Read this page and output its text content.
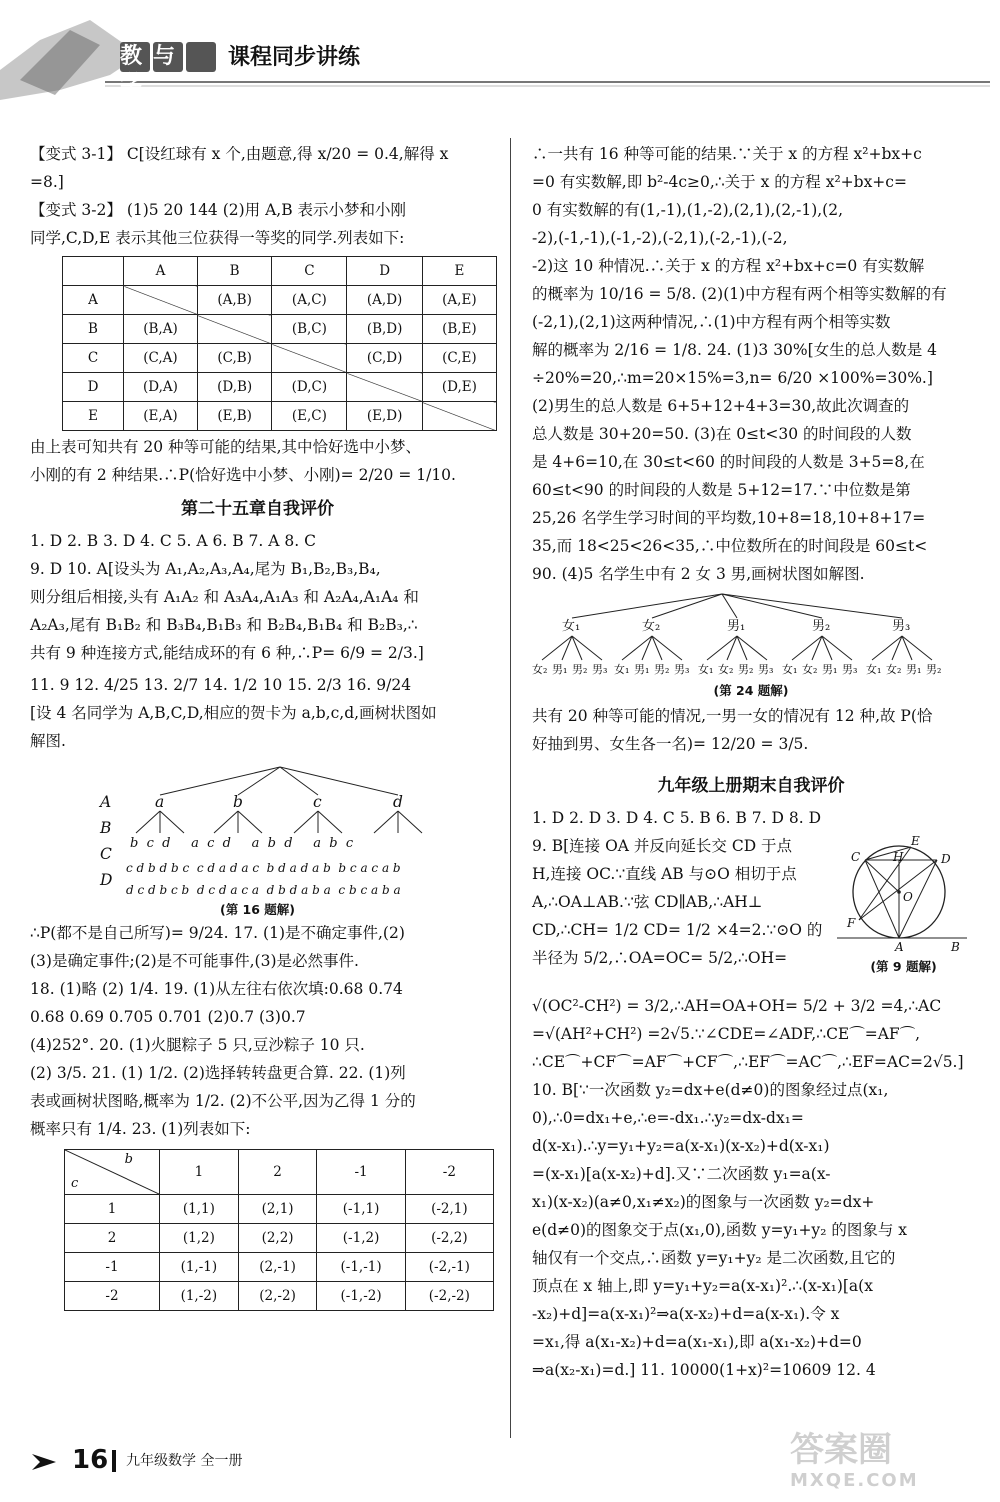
教与学
课程同步讲练

【变式 3-1】 C[设红球有 x 个,由题意,得 x/20 = 0.4,解得 x

=8.]

【变式 3-2】 (1)5 20 144 (2)用 A,B 表示小梦和小刚

同学,C,D,E 表示其他三位获得一等奖的同学.列表如下:

	A	B	C	D	E
A		(A,B)	(A,C)	(A,D)	(A,E)
B	(B,A)		(B,C)	(B,D)	(B,E)
C	(C,A)	(C,B)		(C,D)	(C,E)
D	(D,A)	(D,B)	(D,C)		(D,E)
E	(E,A)	(E,B)	(E,C)	(E,D)	

由上表可知共有 20 种等可能的结果,其中恰好选中小梦、

小刚的有 2 种结果.∴P(恰好选中小梦、小刚)= 2/20 = 1/10.

第二十五章自我评价

1. D 2. B 3. D 4. C 5. A 6. B 7. A 8. C

9. D 10. A[设头为 A₁,A₂,A₃,A₄,尾为 B₁,B₂,B₃,B₄,

则分组后相接,头有 A₁A₂ 和 A₃A₄,A₁A₃ 和 A₂A₄,A₁A₄ 和

A₂A₃,尾有 B₁B₂ 和 B₃B₄,B₁B₃ 和 B₂B₄,B₁B₄ 和 B₂B₃,∴

共有 9 种连接方式,能结成环的有 6 种,∴P= 6/9 = 2/3.]

11. 9 12. 4/25 13. 2/7 14. 1/2 10 15. 2/3 16. 9/24

[设 4 名同学为 A,B,C,D,相应的贺卡为 a,b,c,d,画树状图如

解图.

A
B
C
D
a	b	c	d
b  c  d     a  c  d     a  b  d     a  b  c
c d b d b c  c d a d a c  b d a d a b  b c a c a b
d c d b c b  d c d a c a  d b d a b a  c b c a b a
(第 16 题解)

∴P(都不是自己所写)= 9/24. 17. (1)是不确定事件,(2)

(3)是确定事件;(2)是不可能事件,(3)是必然事件.

18. (1)略 (2) 1/4. 19. (1)从左往右依次填:0.68 0.74

0.68 0.69 0.705 0.701 (2)0.7 (3)0.7

(4)252°. 20. (1)火腿粽子 5 只,豆沙粽子 10 只.

(2) 3/5. 21. (1) 1/2. (2)选择转转盘更合算. 22. (1)列

表或画树状图略,概率为 1/2. (2)不公平,因为乙得 1 分的

概率只有 1/4. 23. (1)列表如下:

b
c	1	2	-1	-2
1	(1,1)	(2,1)	(-1,1)	(-2,1)
2	(1,2)	(2,2)	(-1,2)	(-2,2)
-1	(1,-1)	(2,-1)	(-1,-1)	(-2,-1)
-2	(1,-2)	(2,-2)	(-1,-2)	(-2,-2)

∴一共有 16 种等可能的结果.∵关于 x 的方程 x²+bx+c

=0 有实数解,即 b²-4c≥0,∴关于 x 的方程 x²+bx+c=

0 有实数解的有(1,-1),(1,-2),(2,1),(2,-1),(2,

-2),(-1,-1),(-1,-2),(-2,1),(-2,-1),(-2,

-2)这 10 种情况.∴关于 x 的方程 x²+bx+c=0 有实数解

的概率为 10/16 = 5/8. (2)(1)中方程有两个相等实数解的有

(-2,1),(2,1)这两种情况,∴(1)中方程有两个相等实数

解的概率为 2/16 = 1/8. 24. (1)3 30%[女生的总人数是 4

÷20%=20,∴m=20×15%=3,n= 6/20 ×100%=30%.]

(2)男生的总人数是 6+5+12+4+3=30,故此次调查的

总人数是 30+20=50. (3)在 0≤t<30 的时间段的人数

是 4+6=10,在 30≤t<60 的时间段的人数是 3+5=8,在

60≤t<90 的时间段的人数是 5+12=17.∵中位数是第

25,26 名学生学习时间的平均数,10+8=18,10+8+17=

35,而 18<25<26<35,∴中位数所在的时间段是 60≤t<

90. (4)5 名学生中有 2 女 3 男,画树状图如解图.

女₁	女₂	男₁	男₂	男₃
女₂ 男₁ 男₂ 男₃ 女₁ 男₁ 男₂ 男₃ 女₁ 女₂ 男₂ 男₃ 女₁ 女₂ 男₁ 男₃ 女₁ 女₂ 男₁ 男₂
(第 24 题解)

共有 20 种等可能的情况,一男一女的情况有 12 种,故 P(恰

好抽到男、女生各一名)= 12/20 = 3/5.

九年级上册期末自我评价

1. D 2. D 3. D 4. C 5. B 6. B 7. D 8. D

9. B[连接 OA 并反向延长交 CD 于点

H,连接 OC.∵直线 AB 与⊙O 相切于点

A,∴OA⊥AB.∵弦 CD∥AB,∴AH⊥

CD,∴CH= 1/2 CD= 1/2 ×4=2.∵⊙O 的

半径为 5/2,∴OA=OC= 5/2,∴OH=

C	H
E
D
O
F
A	B
(第 9 题解)

√(OC²-CH²) = 3/2,∴AH=OA+OH= 5/2 + 3/2 =4,∴AC

=√(AH²+CH²) =2√5.∵∠CDE=∠ADF,∴CE⌒=AF⌒,

∴CE⌒+CF⌒=AF⌒+CF⌒,∴EF⌒=AC⌒,∴EF=AC=2√5.]

10. B[∵一次函数 y₂=dx+e(d≠0)的图象经过点(x₁,

0),∴0=dx₁+e,∴e=-dx₁.∴y₂=dx-dx₁=

d(x-x₁).∴y=y₁+y₂=a(x-x₁)(x-x₂)+d(x-x₁)

=(x-x₁)[a(x-x₂)+d].又∵二次函数 y₁=a(x-

x₁)(x-x₂)(a≠0,x₁≠x₂)的图象与一次函数 y₂=dx+

e(d≠0)的图象交于点(x₁,0),函数 y=y₁+y₂ 的图象与 x

轴仅有一个交点,∴函数 y=y₁+y₂ 是二次函数,且它的

顶点在 x 轴上,即 y=y₁+y₂=a(x-x₁)².∴(x-x₁)[a(x

-x₂)+d]=a(x-x₁)²⇒a(x-x₂)+d=a(x-x₁).令 x

=x₁,得 a(x₁-x₂)+d=a(x₁-x₁),即 a(x₁-x₂)+d=0

⇒a(x₂-x₁)=d.] 11. 10000(1+x)²=10609 12. 4

16 九年级数学 全一册	答案圈
MXQE.COM
